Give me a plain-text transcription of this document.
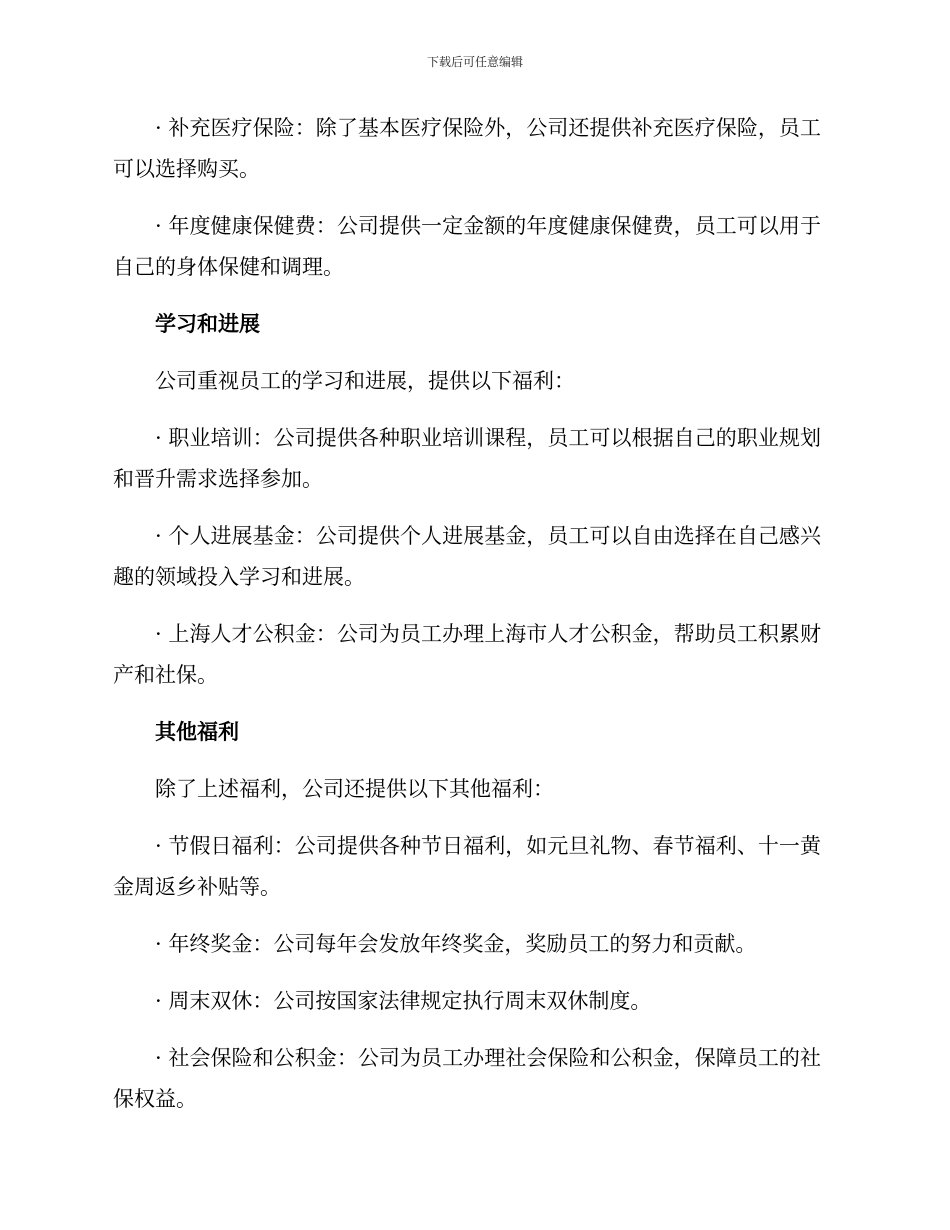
下载后可任意编辑

· 补充医疗保险：除了基本医疗保险外，公司还提供补充医疗保险，员工可以选择购买。

· 年度健康保健费：公司提供一定金额的年度健康保健费，员工可以用于自己的身体保健和调理。

学习和进展

公司重视员工的学习和进展，提供以下福利：

· 职业培训：公司提供各种职业培训课程，员工可以根据自己的职业规划和晋升需求选择参加。

· 个人进展基金：公司提供个人进展基金，员工可以自由选择在自己感兴趣的领域投入学习和进展。

· 上海人才公积金：公司为员工办理上海市人才公积金，帮助员工积累财产和社保。

其他福利

除了上述福利，公司还提供以下其他福利：

· 节假日福利：公司提供各种节日福利，如元旦礼物、春节福利、十一黄金周返乡补贴等。

· 年终奖金：公司每年会发放年终奖金，奖励员工的努力和贡献。

· 周末双休：公司按国家法律规定执行周末双休制度。

· 社会保险和公积金：公司为员工办理社会保险和公积金，保障员工的社保权益。
